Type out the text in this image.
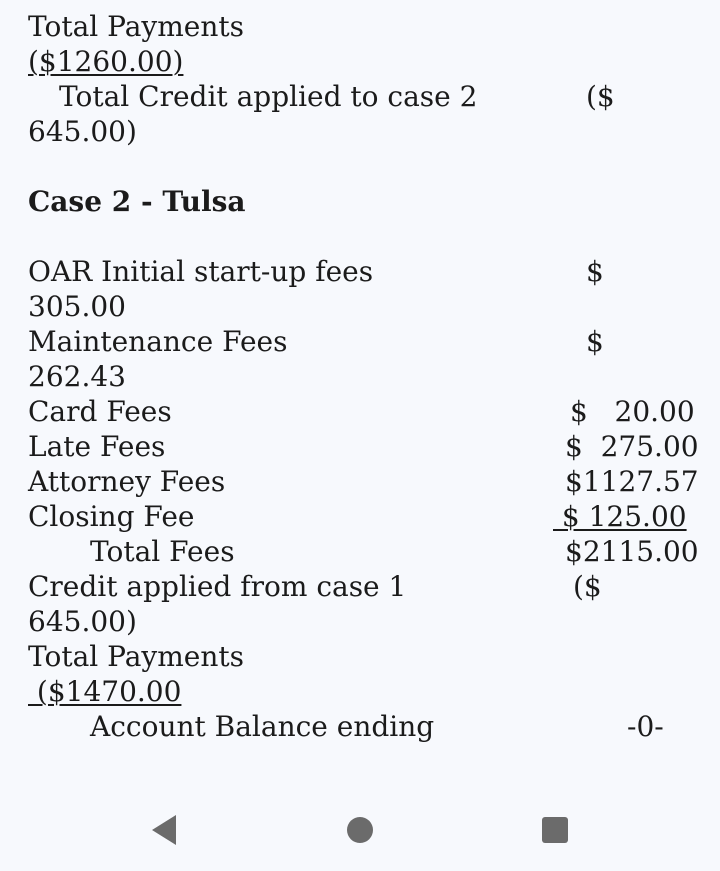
Total Payments

($1260.00)

Total Credit applied to case 2	($

645.00)

Case 2 - Tulsa

OAR Initial start-up fees	$

305.00

Maintenance Fees	$

262.43

Card Fees	$   20.00

Late Fees	$  275.00

Attorney Fees	$1127.57

Closing Fee	$ 125.00

Total Fees	$2115.00

Credit applied from case 1	($

645.00)

Total Payments

($1470.00

Account Balance ending	-0-
